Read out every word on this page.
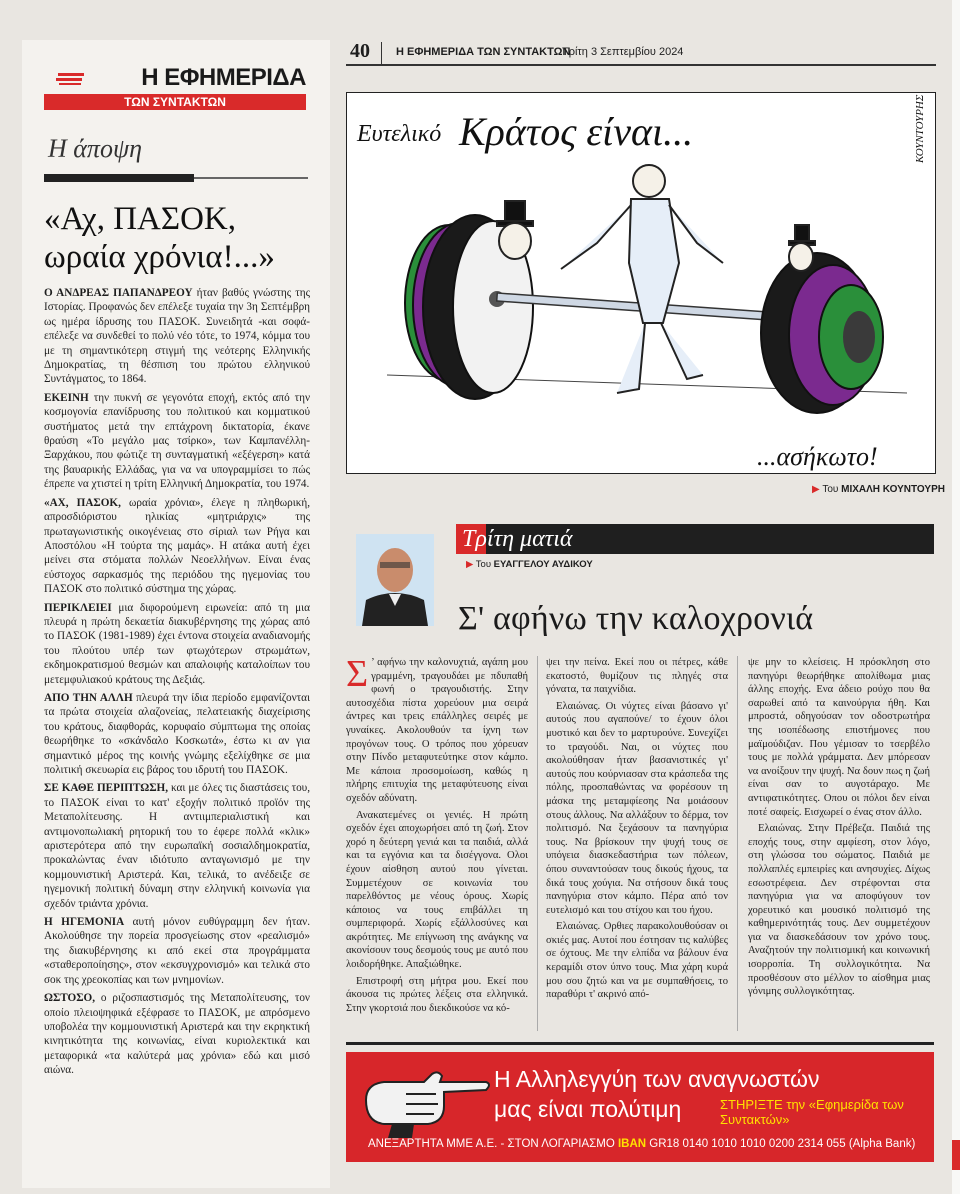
Η ΕΦΗΜΕΡΙΔΑ
ΤΩΝ ΣΥΝΤΑΚΤΩΝ
Η άποψη
«Αχ, ΠΑΣΟΚ,
ωραία χρόνια!...»

Ο ΑΝΔΡΕΑΣ ΠΑΠΑΝΔΡΕΟΥ ήταν βαθύς γνώστης της Ιστορίας. Προφανώς δεν επέλεξε τυχαία την 3η Σεπτέμβρη ως ημέρα ίδρυσης του ΠΑΣΟΚ. Συνειδητά -και σοφά- επέλεξε να συνδεθεί το πολύ νέο τότε, το 1974, κόμμα του με τη σημαντικότερη στιγμή της νεότερης Ελληνικής Δημοκρατίας, τη θέσπιση του πρώτου ελληνικού Συντάγματος, το 1864.

ΕΚΕΙΝΗ την πυκνή σε γεγονότα εποχή, εκτός από την κοσμογονία επανίδρυσης του πολιτικού και κομματικού συστήματος μετά την επτάχρονη δικτατορία, έκανε θραύση «Το μεγάλο μας τσίρκο», των Καμπανέλλη-Ξαρχάκου, που φώτιζε τη συνταγματική «εξέγερση» κατά της βαυαρικής Ελλάδας, για να να υπογραμμίσει το πώς έπρεπε να χτιστεί η τρίτη Ελληνική Δημοκρατία, του 1974.

«ΑΧ, ΠΑΣΟΚ, ωραία χρόνια», έλεγε η πληθωρική, απροσδιόριστου ηλικίας «μητριάρχις» της πρωταγωνιστικής οικογένειας στο σίριαλ των Ρήγα και Αποστόλου «Η τούρτα της μαμάς». Η ατάκα αυτή έχει μείνει στα στόματα πολλών Νεοελλήνων. Είναι ένας εύστοχος σαρκασμός της περιόδου της ηγεμονίας του ΠΑΣΟΚ στο πολιτικό σύστημα της χώρας.

ΠΕΡΙΚΛΕΙΕΙ μια διφορούμενη ειρωνεία: από τη μια πλευρά η πρώτη δεκαετία διακυβέρνησης της χώρας από το ΠΑΣΟΚ (1981-1989) έχει έντονα στοιχεία αναδιανομής του πλούτου υπέρ των φτωχότερων στρωμάτων, εκδημοκρατισμού θεσμών και απαλοιφής καταλοίπων του μετεμφυλιακού κράτους της Δεξιάς.

ΑΠΟ ΤΗΝ ΑΛΛΗ πλευρά την ίδια περίοδο εμφανίζονται τα πρώτα στοιχεία αλαζονείας, πελατειακής διαχείρισης του κράτους, διαφθοράς, κορυφαίο σύμπτωμα της οποίας θεωρήθηκε το «σκάνδαλο Κοσκωτά», έστω κι αν για σημαντικό μέρος της κοινής γνώμης εξελίχθηκε σε μια πολιτική σκευωρία εις βάρος του ιδρυτή του ΠΑΣΟΚ.

ΣΕ ΚΑΘΕ ΠΕΡΙΠΤΩΣΗ, και με όλες τις διαστάσεις του, το ΠΑΣΟΚ είναι το κατ' εξοχήν πολιτικό προϊόν της Μεταπολίτευσης. Η αντιιμπεριαλιστική και αντιμονοπωλιακή ρητορική του το έφερε πολλά «κλικ» αριστερότερα από την ευρωπαϊκή σοσιαλδημοκρατία, προκαλώντας έναν ιδιότυπο ανταγωνισμό με την κομμουνιστική Αριστερά. Και, τελικά, το ανέδειξε σε ηγεμονική πολιτική δύναμη στην ελληνική κοινωνία για σχεδόν τριάντα χρόνια.

Η ΗΓΕΜΟΝΙΑ αυτή μόνον ευθύγραμμη δεν ήταν. Ακολούθησε την πορεία προσγείωσης στον «ρεαλισμό» της διακυβέρνησης κι από εκεί στα προγράμματα «σταθεροποίησης», στον «εκσυγχρονισμό» και τελικά στο σοκ της χρεοκοπίας και των μνημονίων.

ΩΣΤΟΣΟ, ο ριζοσπαστισμός της Μεταπολίτευσης, τον οποίο πλειοψηφικά εξέφρασε το ΠΑΣΟΚ, με απρόσμενο υποβολέα την κομμουνιστική Αριστερά και την εκρηκτική κινητικότητα της κοινωνίας, είναι κυριολεκτικά και μεταφορικά «τα καλύτερά μας χρόνια» εδώ και μισό αιώνα.

40 Η ΕΦΗΜΕΡΙΔΑ ΤΩΝ ΣΥΝΤΑΚΤΩΝ
Τρίτη 3 Σεπτεμβίου 2024
Ευτελικό Κράτος είναι...
...ασήκωτο!
ΚΟΥΝΤΟΥΡΗΣ
▶ Του ΜΙΧΑΛΗ ΚΟΥΝΤΟΥΡΗ
Τρίτη ματιά
▶ Του ΕΥΑΓΓΕΛΟΥ ΑΥΔΙΚΟΥ
Σ' αφήνω την καλοχρονιά

Σ ’ αφήνω την καλονυχτιά, αγάπη μου γραμμένη, τραγουδάει με πδυπαθή φωνή ο τραγουδιστής. Στην αυτοσχέδια πίστα χορεύουν μια σειρά άντρες και τρεις επάλληλες σειρές με γυναίκες. Ακολουθούν τα ίχνη των προγόνων τους. Ο τρόπος που χόρευαν στην Πίνδο μεταφυτεύτηκε στον κάμπο. Με κάποια προσομοίωση, καθώς η πλήρης επιτυχία της μεταφύτευσης είναι σχεδόν αδύνατη.

Ανακατεμένες οι γενιές. Η πρώτη σχεδόν έχει αποχωρήσει από τη ζωή. Στον χορό η δεύτερη γενιά και τα παιδιά, αλλά και τα εγγόνια και τα δισέγγονα. Ολοι έχουν αίσθηση αυτού που γίνεται. Συμμετέχουν σε κοινωνία του παρελθόντος με νέους όρους. Χωρίς κάποιος να τους επιβάλλει τη συμπεριφορά. Χωρίς εξάλλοσύνες και ακρότητες. Με επίγνωση της ανάγκης να ακονίσουν τους δεσμούς τους με αυτό που λοιδορήθηκε. Απαξιώθηκε.

Επιστροφή στη μήτρα μου. Εκεί που άκουσα τις πρώτες λέξεις στα ελληνικά. Στην γκορτσιά που διεκδικούσε να κό-

ψει την πείνα. Εκεί που οι πέτρες, κάθε εκατοστό, θυμίζουν τις πληγές στα γόνατα, τα παιχνίδια.

Ελαιώνας. Οι νύχτες είναι βάσανο γι' αυτούς που αγαπούνε/ το έχουν όλοι μυστικό και δεν το μαρτυρούνε. Συνεχίζει το τραγούδι. Ναι, οι νύχτες που ακολούθησαν ήταν βασανιστικές γι' αυτούς που κούρνιασαν στα κράσπεδα της πόλης, προσπαθώντας να φορέσουν τη μάσκα της μεταμφίεσης Να μοιάσουν στους άλλους. Να αλλάξουν το δέρμα, τον πολιτισμό. Να ξεχάσουν τα πανηγύρια τους. Να βρίσκουν την ψυχή τους σε υπόγεια διασκεδαστήρια των πόλεων, όπου συναντούσαν τους δικούς ήχους, τα δικά τους χούγια. Να στήσουν δικά τους πανηγύρια στον κάμπο. Πέρα από τον ευτελισμό και του στίχου και του ήχου.

Ελαιώνας. Ορθιες παρακολουθούσαν οι σκιές μας. Αυτοί που έστησαν τις καλύβες σε όχτους. Με την ελπίδα να βάλουν ένα κεραμίδι στον ύπνο τους. Μια χάρη κυρά μου σου ζητώ και να με συμπαθήσεις, το παραθύρι τ' ακρινό από-

ψε μην το κλείσεις. Η πρόσκληση στο πανηγύρι θεωρήθηκε απολίθωμα μιας άλλης εποχής. Ενα άδειο ρούχο που θα σαρωθεί από τα καινούργια ήθη. Και μπροστά, οδηγούσαν τον οδοστρωτήρα της ισοπέδωσης επιστήμονες που μαϊμούδιζαν. Που γέμισαν το τσερβέλο τους με πολλά γράμματα. Δεν μπόρεσαν να ανοίξουν την ψυχή. Να δουν πως η ζωή είναι σαν το αυγοτάραχο. Με αντιφατικότητες. Οπου οι πόλοι δεν είναι ποτέ σαφείς. Εισχωρεί ο ένας στον άλλο.

Ελαιώνας. Στην Πρέβεζα. Παιδιά της εποχής τους, στην αμφίεση, στον λόγο, στη γλώσσα του σώματος. Παιδιά με πολλαπλές εμπειρίες και ανησυχίες. Δίχως εσωστρέφεια. Δεν στρέφονται στα πανηγύρια για να αποφύγουν τον χορευτικό και μουσικό πολιτισμό της καθημερινότητάς τους. Δεν συμμετέχουν για να διασκεδάσουν τον χρόνο τους. Αναζητούν την πολιτισμική και κοινωνική ισορροπία. Τη συλλογικότητα. Να προσθέσουν στο μέλλον το αίσθημα μιας γόνιμης συλλογικότητας.

Η Αλληλεγγύη των αναγνωστών
μας είναι πολύτιμη	ΣΤΗΡΙΞΤΕ την «Εφημερίδα των Συντακτών»
ΑΝΕΞΑΡΤΗΤΑ ΜΜΕ Α.Ε. - ΣΤΟΝ ΛΟΓΑΡΙΑΣΜΟ IBAN GR18 0140 1010 1010 0200 2314 055 (Alpha Bank)
